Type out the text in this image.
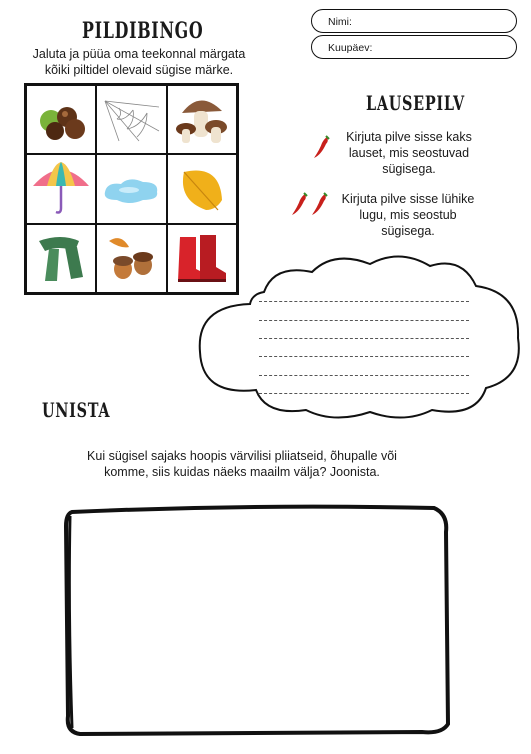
Nimi:
Kuupäev:
PILDIBINGO
Jaluta ja püüa oma teekonnal märgata kõiki piltidel olevaid sügise märke.
LAUSEPILV
Kirjuta pilve sisse kaks lauset, mis seostuvad sügisega.
Kirjuta pilve sisse lühike lugu, mis seostub sügisega.
UNISTA
Kui sügisel sajaks hoopis värvilisi pliiatseid, õhupalle või komme, siis kuidas näeks maailm välja? Joonista.
